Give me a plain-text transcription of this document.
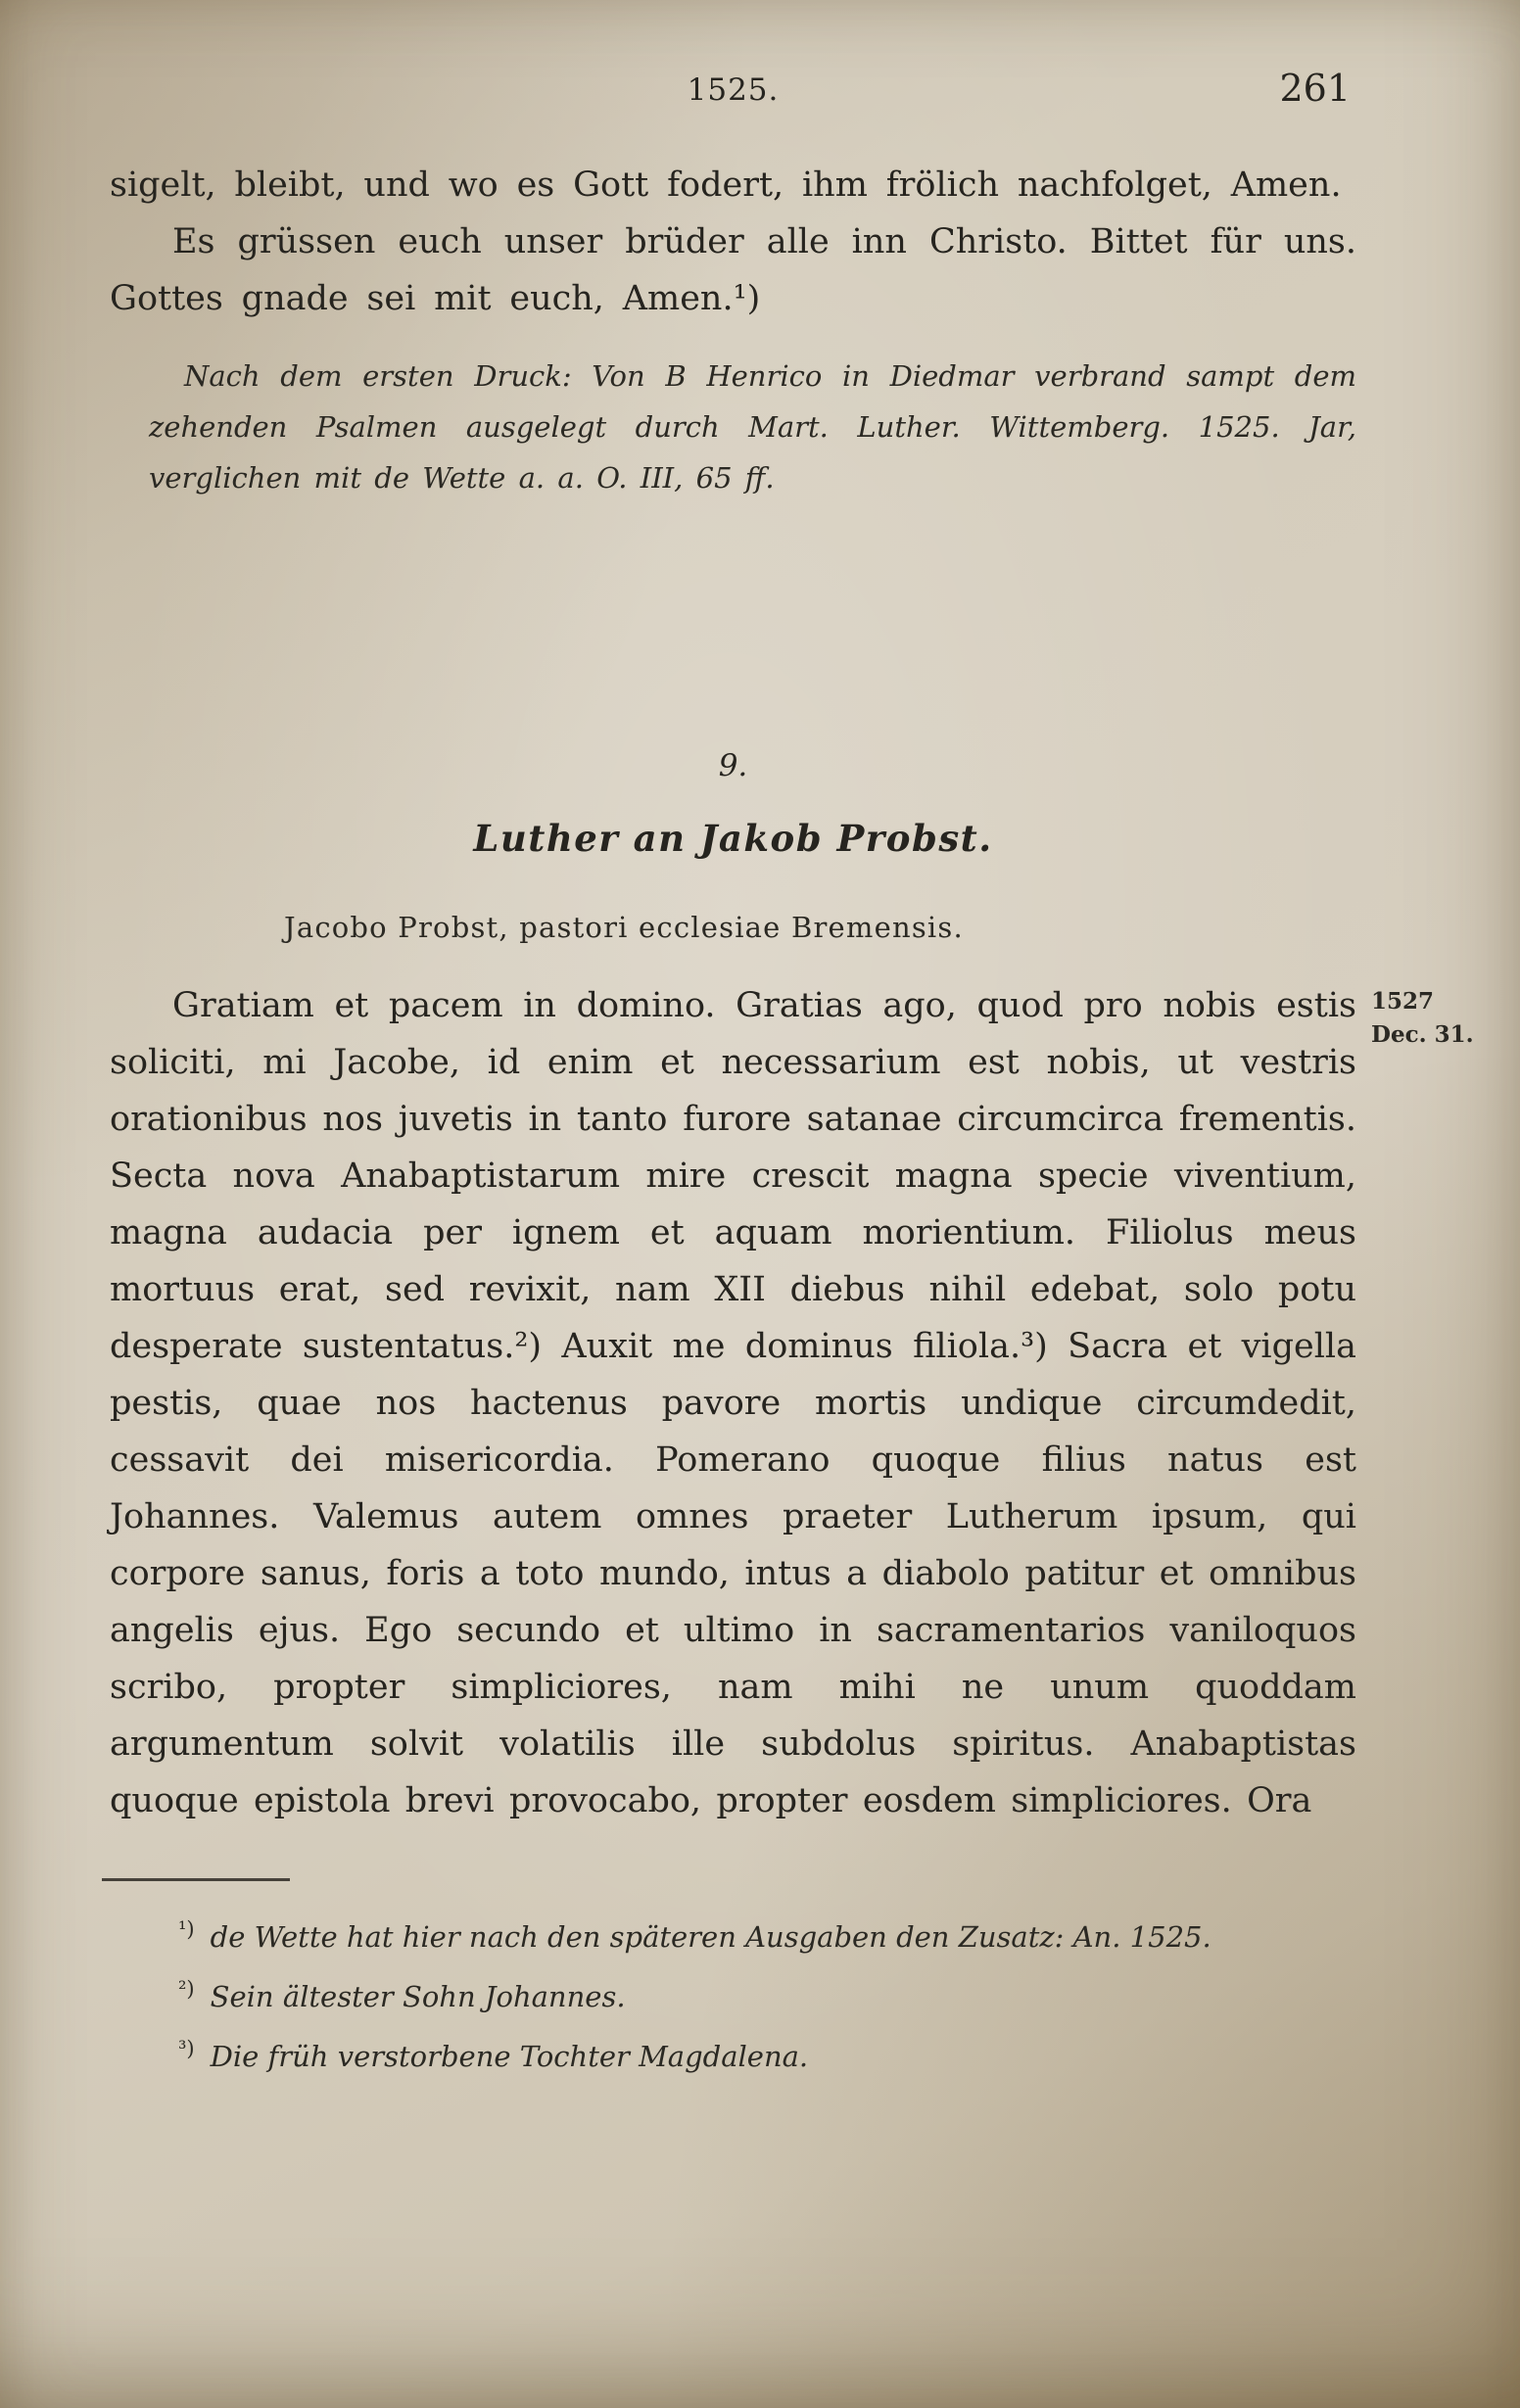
1525.	261

sigelt, bleibt, und wo es Gott fodert, ihm frölich nachfolget, Amen.

Es grüssen euch unser brüder alle inn Christo. Bittet für uns. Gottes gnade sei mit euch, Amen.¹)

Nach dem ersten Druck: Von B Henrico in Diedmar verbrand sampt dem zehenden Psalmen ausgelegt durch Mart. Luther. Wittemberg. 1525. Jar, verglichen mit de Wette a. a. O. III, 65 ff.

9.
Luther an Jakob Probst.
Jacobo Probst, pastori ecclesiae Bremensis.
1527
Dec. 31.

Gratiam et pacem in domino. Gratias ago, quod pro nobis estis soliciti, mi Jacobe, id enim et necessarium est nobis, ut vestris orationibus nos juvetis in tanto furore satanae circumcirca frementis. Secta nova Anabaptistarum mire crescit magna specie viventium, magna audacia per ignem et aquam morientium. Filiolus meus mortuus erat, sed revixit, nam XII diebus nihil edebat, solo potu desperate sustentatus.²) Auxit me dominus filiola.³) Sacra et vigella pestis, quae nos hactenus pavore mortis undique circumdedit, cessavit dei misericordia. Pomerano quoque filius natus est Johannes. Valemus autem omnes praeter Lutherum ipsum, qui corpore sanus, foris a toto mundo, intus a diabolo patitur et omnibus angelis ejus. Ego secundo et ultimo in sacramentarios vaniloquos scribo, propter simpliciores, nam mihi ne unum quoddam argumentum solvit volatilis ille subdolus spiritus. Anabaptistas quoque epistola brevi provocabo, propter eosdem simpliciores. Ora

¹) de Wette hat hier nach den späteren Ausgaben den Zusatz: An. 1525.

²) Sein ältester Sohn Johannes.

³) Die früh verstorbene Tochter Magdalena.
